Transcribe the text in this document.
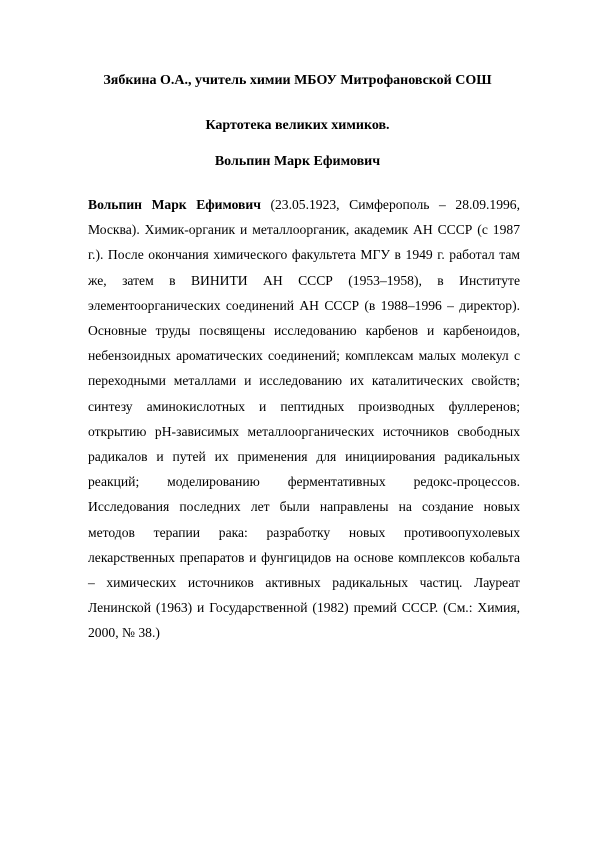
Зябкина О.А., учитель химии МБОУ Митрофановской СОШ

Картотека великих химиков.

Вольпин Марк Ефимович

Вольпин Марк Ефимович (23.05.1923, Симферополь – 28.09.1996, Москва). Химик-органик и металлоорганик, академик АН СССР (с 1987 г.). После окончания химического факультета МГУ в 1949 г. работал там же, затем в ВИНИТИ АН СССР (1953–1958), в Институте элементоорганических соединений АН СССР (в 1988–1996 – директор). Основные труды посвящены исследованию карбенов и карбеноидов, небензоидных ароматических соединений; комплексам малых молекул с переходными металлами и исследованию их каталитических свойств; синтезу аминокислотных и пептидных производных фуллеренов; открытию pH-зависимых металлоорганических источников свободных радикалов и путей их применения для инициирования радикальных реакций; моделированию ферментативных редокс-процессов. Исследования последних лет были направлены на создание новых методов терапии рака: разработку новых противоопухолевых лекарственных препаратов и фунгицидов на основе комплексов кобальта – химических источников активных радикальных частиц. Лауреат Ленинской (1963) и Государственной (1982) премий СССР. (См.: Химия, 2000, № 38.)
